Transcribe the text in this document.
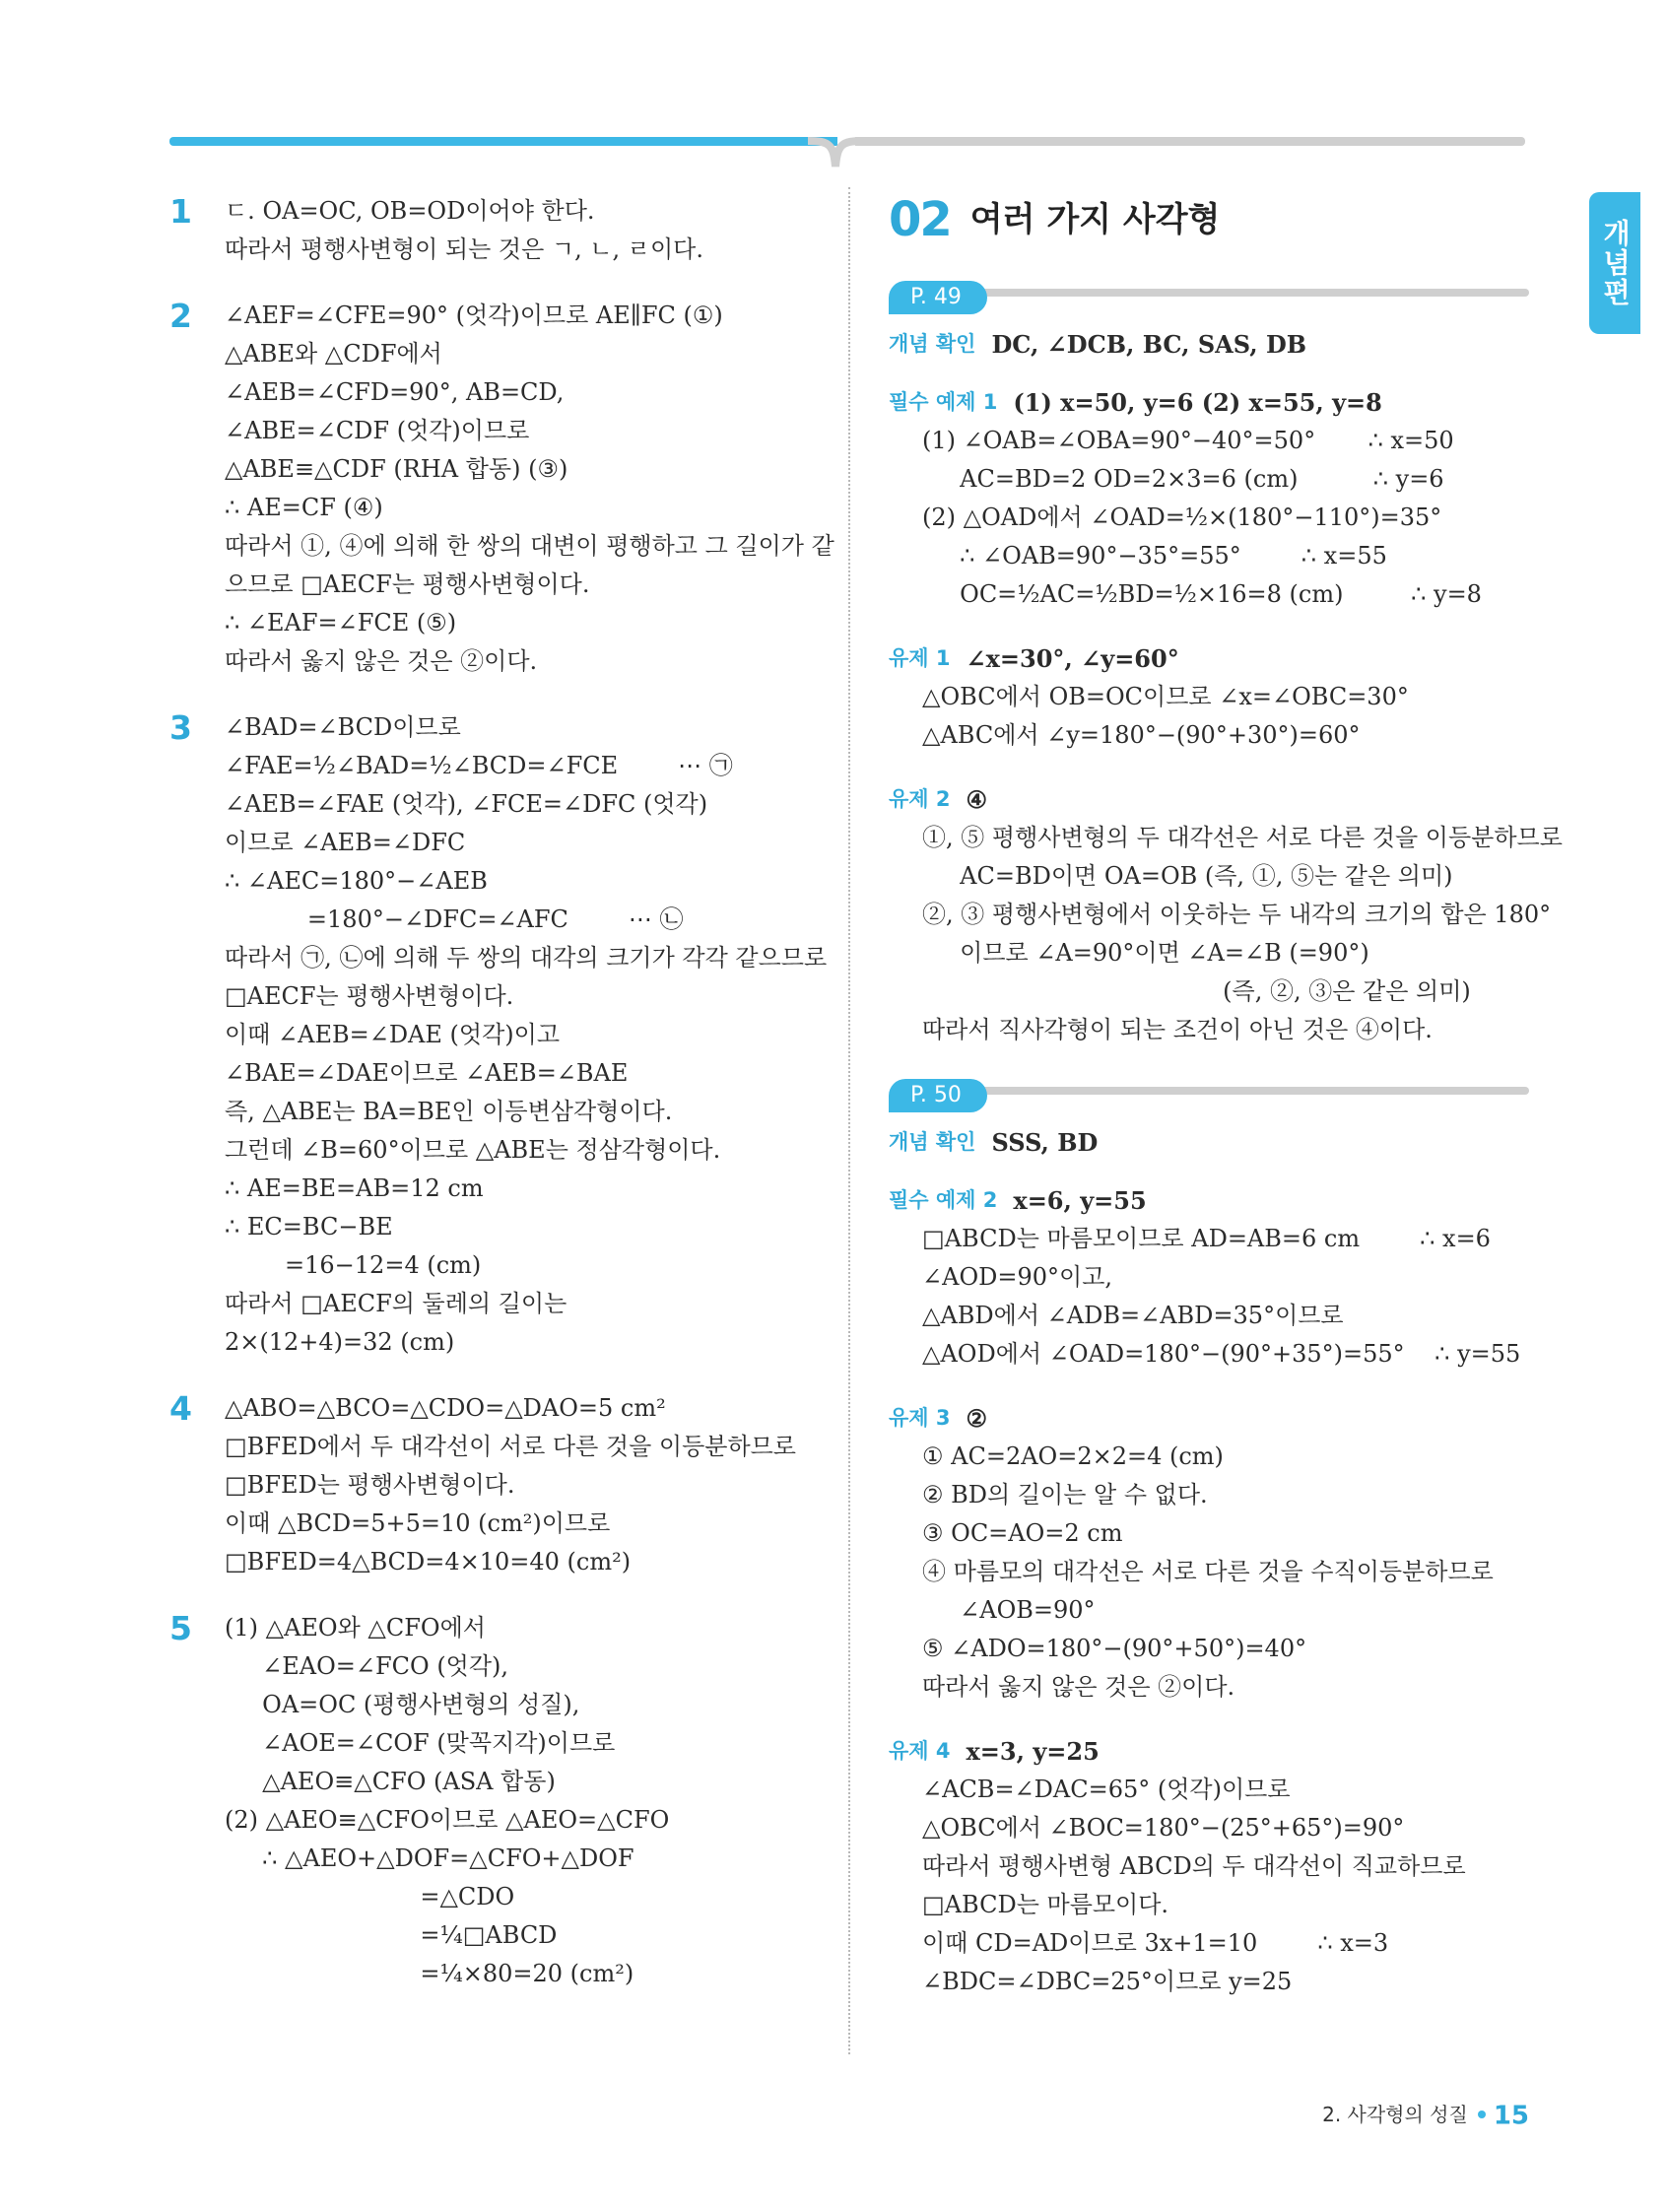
개념편
1 ㄷ. OA=OC, OB=OD이어야 한다.
따라서 평행사변형이 되는 것은 ㄱ, ㄴ, ㄹ이다.
2 ∠AEF=∠CFE=90° (엇각)이므로 AE∥FC (①)
△ABE와 △CDF에서
∠AEB=∠CFD=90°, AB=CD,
∠ABE=∠CDF (엇각)이므로
△ABE≡△CDF (RHA 합동) (③)
∴ AE=CF (④)
따라서 ①, ④에 의해 한 쌍의 대변이 평행하고 그 길이가 같
으므로 □AECF는 평행사변형이다.
∴ ∠EAF=∠FCE (⑤)
따라서 옳지 않은 것은 ②이다.
3 ∠BAD=∠BCD이므로
∠FAE=½∠BAD=½∠BCD=∠FCE        ⋯ ㉠
∠AEB=∠FAE (엇각), ∠FCE=∠DFC (엇각)
이므로 ∠AEB=∠DFC
∴ ∠AEC=180°−∠AEB
=180°−∠DFC=∠AFC        ⋯ ㉡
따라서 ㉠, ㉡에 의해 두 쌍의 대각의 크기가 각각 같으므로
□AECF는 평행사변형이다.
이때 ∠AEB=∠DAE (엇각)이고
∠BAE=∠DAE이므로 ∠AEB=∠BAE
즉, △ABE는 BA=BE인 이등변삼각형이다.
그런데 ∠B=60°이므로 △ABE는 정삼각형이다.
∴ AE=BE=AB=12 cm
∴ EC=BC−BE
=16−12=4 (cm)
따라서 □AECF의 둘레의 길이는
2×(12+4)=32 (cm)
4 △ABO=△BCO=△CDO=△DAO=5 cm²
□BFED에서 두 대각선이 서로 다른 것을 이등분하므로
□BFED는 평행사변형이다.
이때 △BCD=5+5=10 (cm²)이므로
□BFED=4△BCD=4×10=40 (cm²)
5 (1) △AEO와 △CFO에서
∠EAO=∠FCO (엇각),
OA=OC (평행사변형의 성질),
∠AOE=∠COF (맞꼭지각)이므로
△AEO≡△CFO (ASA 합동)
(2) △AEO≡△CFO이므로 △AEO=△CFO
∴ △AEO+△DOF=△CFO+△DOF
=△CDO
=¼□ABCD
=¼×80=20 (cm²)
02 여러 가지 사각형
P. 49
개념 확인 DC, ∠DCB, BC, SAS, DB
필수 예제 1 (1) x=50, y=6 (2) x=55, y=8
(1) ∠OAB=∠OBA=90°−40°=50°       ∴ x=50
AC=BD=2 OD=2×3=6 (cm)          ∴ y=6
(2) △OAD에서 ∠OAD=½×(180°−110°)=35°
∴ ∠OAB=90°−35°=55°        ∴ x=55
OC=½AC=½BD=½×16=8 (cm)         ∴ y=8
유제 1 ∠x=30°, ∠y=60°
△OBC에서 OB=OC이므로 ∠x=∠OBC=30°
△ABC에서 ∠y=180°−(90°+30°)=60°
유제 2 ④
①, ⑤ 평행사변형의 두 대각선은 서로 다른 것을 이등분하므로
AC=BD이면 OA=OB (즉, ①, ⑤는 같은 의미)
②, ③ 평행사변형에서 이웃하는 두 내각의 크기의 합은 180°
이므로 ∠A=90°이면 ∠A=∠B (=90°)
(즉, ②, ③은 같은 의미)
따라서 직사각형이 되는 조건이 아닌 것은 ④이다.
P. 50
개념 확인 SSS, BD
필수 예제 2 x=6, y=55
□ABCD는 마름모이므로 AD=AB=6 cm        ∴ x=6
∠AOD=90°이고,
△ABD에서 ∠ADB=∠ABD=35°이므로
△AOD에서 ∠OAD=180°−(90°+35°)=55°    ∴ y=55
유제 3 ②
① AC=2AO=2×2=4 (cm)
② BD의 길이는 알 수 없다.
③ OC=AO=2 cm
④ 마름모의 대각선은 서로 다른 것을 수직이등분하므로
∠AOB=90°
⑤ ∠ADO=180°−(90°+50°)=40°
따라서 옳지 않은 것은 ②이다.
유제 4 x=3, y=25
∠ACB=∠DAC=65° (엇각)이므로
△OBC에서 ∠BOC=180°−(25°+65°)=90°
따라서 평행사변형 ABCD의 두 대각선이 직교하므로
□ABCD는 마름모이다.
이때 CD=AD이므로 3x+1=10        ∴ x=3
∠BDC=∠DBC=25°이므로 y=25
2. 사각형의 성질 15
